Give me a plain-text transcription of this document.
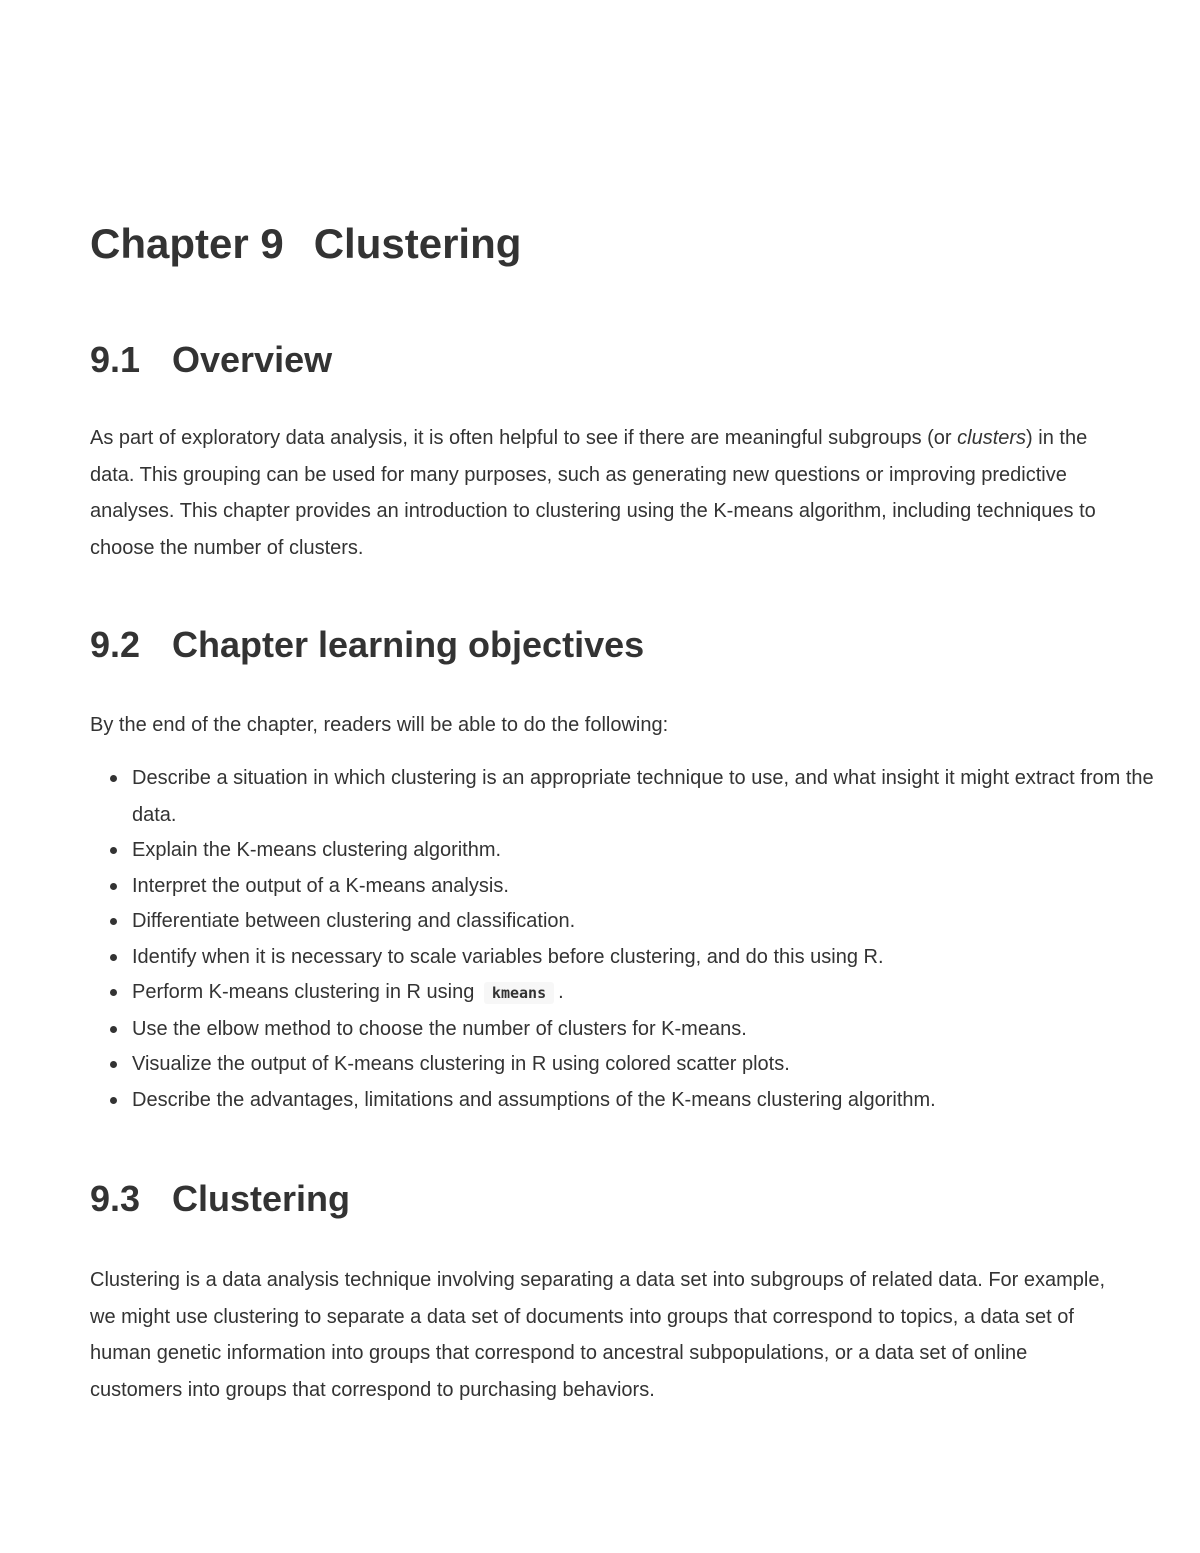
Chapter 9 Clustering
9.1 Overview

As part of exploratory data analysis, it is often helpful to see if there are meaningful subgroups (or clusters) in the data. This grouping can be used for many purposes, such as generating new questions or improving predictive analyses. This chapter provides an introduction to clustering using the K-means algorithm, including techniques to choose the number of clusters.

9.2 Chapter learning objectives

By the end of the chapter, readers will be able to do the following:

Describe a situation in which clustering is an appropriate technique to use, and what insight it might extract from the data.
Explain the K-means clustering algorithm.
Interpret the output of a K-means analysis.
Differentiate between clustering and classification.
Identify when it is necessary to scale variables before clustering, and do this using R.
Perform K-means clustering in R using kmeans .
Use the elbow method to choose the number of clusters for K-means.
Visualize the output of K-means clustering in R using colored scatter plots.
Describe the advantages, limitations and assumptions of the K-means clustering algorithm.
9.3 Clustering

Clustering is a data analysis technique involving separating a data set into subgroups of related data. For example, we might use clustering to separate a data set of documents into groups that correspond to topics, a data set of human genetic information into groups that correspond to ancestral subpopulations, or a data set of online customers into groups that correspond to purchasing behaviors.
